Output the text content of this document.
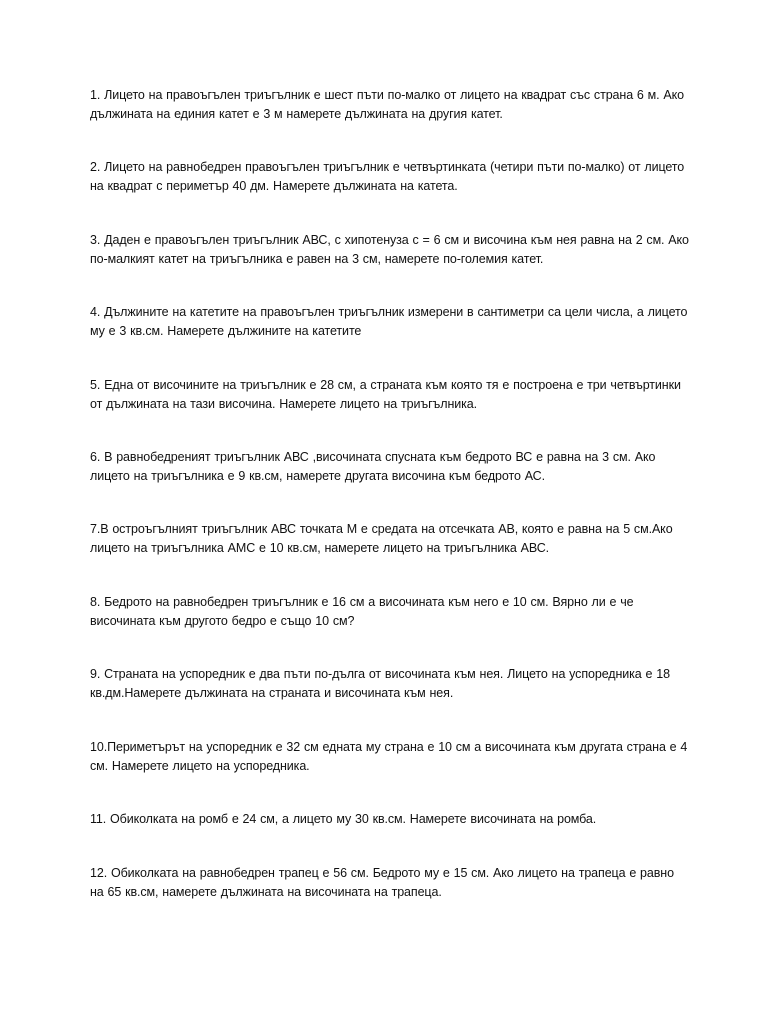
1. Лицето на правоъгълен триъгълник е шест пъти по-малко от лицето на квадрат със страна 6 м. Ако дължината на единия катет е 3 м намерете дължината на другия катет.

2. Лицето на равнобедрен правоъгълен триъгълник е четвъртинката (четири пъти по-малко) от лицето на квадрат с периметър 40 дм. Намерете дължината на катета.

3. Даден е правоъгълен триъгълник АВС, с хипотенуза с = 6 см и височина към нея равна на 2 см. Ако по-малкият катет на триъгълника е равен на 3 см, намерете по-големия катет.

4. Дължините на катетите на правоъгълен триъгълник измерени в сантиметри са цели числа, а лицето му е 3 кв.см. Намерете дължините на катетите

5. Една от височините на триъгълник е 28 см, а страната към която тя е построена е три четвъртинки от дължината на тази височина. Намерете лицето на триъгълника.

6. В равнобедреният триъгълник АВС ,височината спусната към бедрото ВС е равна на 3 см. Ако лицето на триъгълника е 9 кв.см, намерете другата височина към бедрото АС.

7.В остроъгълният триъгълник АВС точката М е средата на отсечката АВ, която е равна на 5 см.Ако лицето на триъгълника АМС е 10 кв.см, намерете лицето на триъгълника АВС.

8. Бедрото на равнобедрен триъгълник е 16 см а височината към него е 10 см. Вярно ли е че височината към другото бедро е също 10 см?

9. Страната на успоредник е два пъти по-дълга от височината към нея. Лицето на успоредника е 18 кв.дм.Намерете дължината на страната и височината към нея.

10.Периметърът на успоредник е 32 см едната му страна е 10 см а височината към другата страна е 4 см. Намерете лицето на успоредника.

11. Обиколката на ромб е 24 см, а лицето му 30 кв.см. Намерете височината на ромба.

12. Обиколката на равнобедрен трапец е 56 см. Бедрото му е 15 см. Ако лицето на трапеца е равно на 65 кв.см, намерете дължината на височината на трапеца.
